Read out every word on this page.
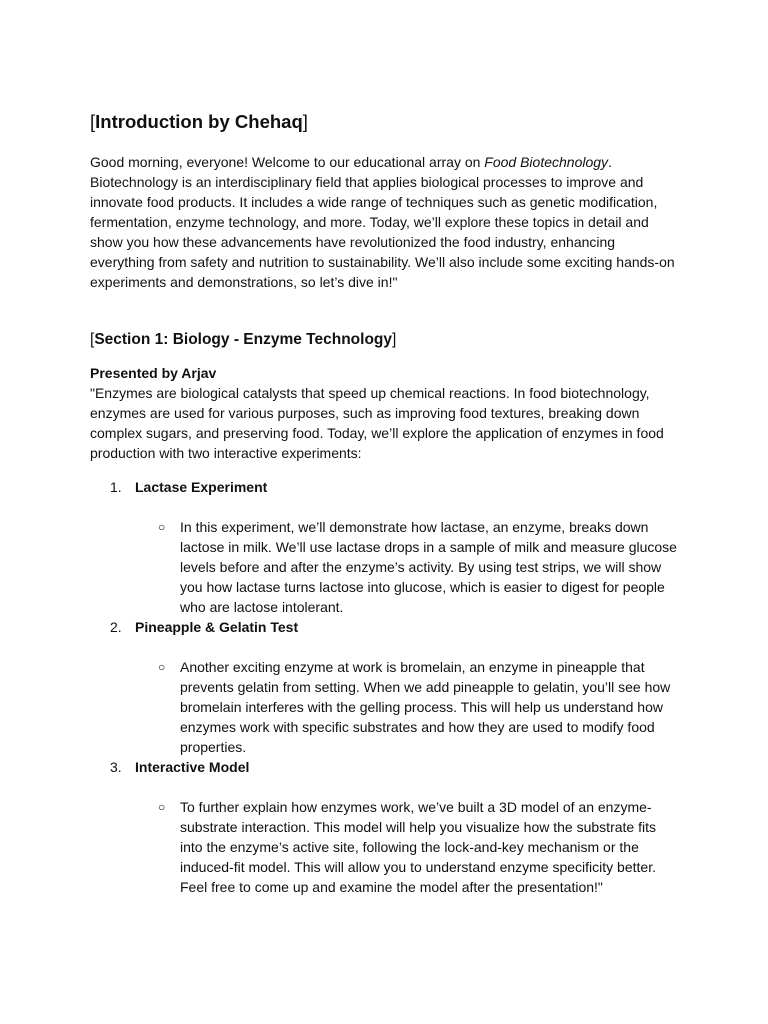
[Introduction by Chehaq]

Good morning, everyone! Welcome to our educational array on Food Biotechnology. Biotechnology is an interdisciplinary field that applies biological processes to improve and innovate food products. It includes a wide range of techniques such as genetic modification, fermentation, enzyme technology, and more. Today, we’ll explore these topics in detail and show you how these advancements have revolutionized the food industry, enhancing everything from safety and nutrition to sustainability. We’ll also include some exciting hands-on experiments and demonstrations, so let’s dive in!"

[Section 1: Biology - Enzyme Technology]

Presented by Arjav

"Enzymes are biological catalysts that speed up chemical reactions. In food biotechnology, enzymes are used for various purposes, such as improving food textures, breaking down complex sugars, and preserving food. Today, we’ll explore the application of enzymes in food production with two interactive experiments:

1. Lactase Experiment
○ In this experiment, we’ll demonstrate how lactase, an enzyme, breaks down lactose in milk. We’ll use lactase drops in a sample of milk and measure glucose levels before and after the enzyme’s activity. By using test strips, we will show you how lactase turns lactose into glucose, which is easier to digest for people who are lactose intolerant.
2. Pineapple & Gelatin Test
○ Another exciting enzyme at work is bromelain, an enzyme in pineapple that prevents gelatin from setting. When we add pineapple to gelatin, you’ll see how bromelain interferes with the gelling process. This will help us understand how enzymes work with specific substrates and how they are used to modify food properties.
3. Interactive Model
○ To further explain how enzymes work, we’ve built a 3D model of an enzyme-substrate interaction. This model will help you visualize how the substrate fits into the enzyme’s active site, following the lock-and-key mechanism or the induced-fit model. This will allow you to understand enzyme specificity better. Feel free to come up and examine the model after the presentation!"
